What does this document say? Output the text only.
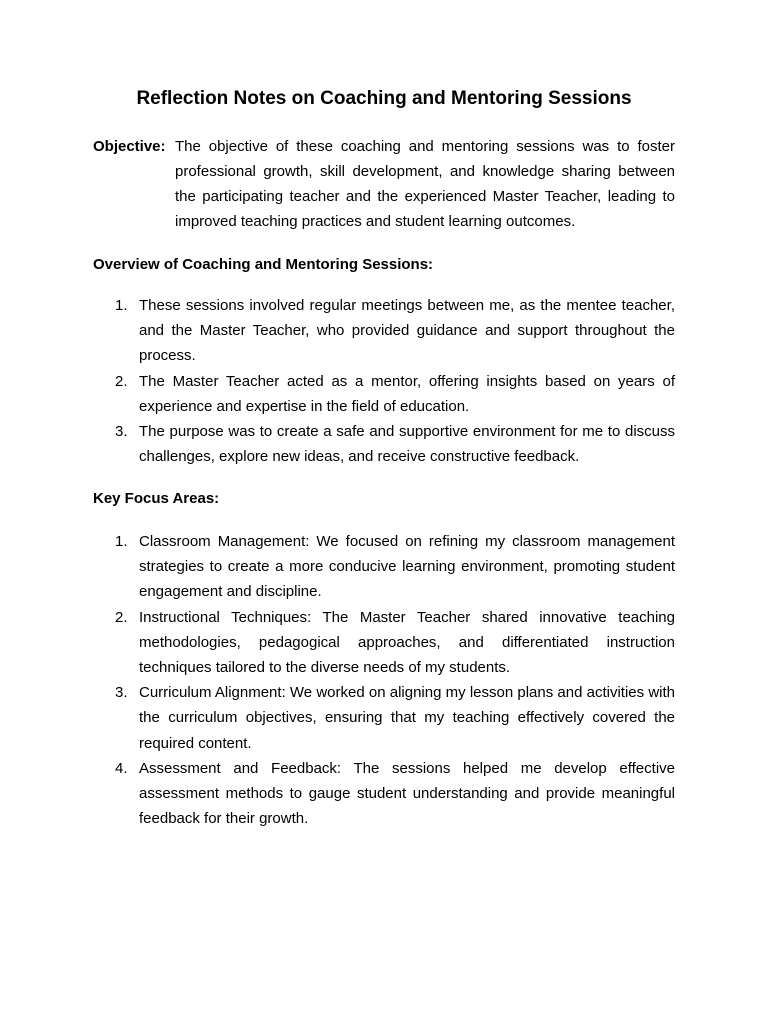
Reflection Notes on Coaching and Mentoring Sessions
Objective: The objective of these coaching and mentoring sessions was to foster professional growth, skill development, and knowledge sharing between the participating teacher and the experienced Master Teacher, leading to improved teaching practices and student learning outcomes.
Overview of Coaching and Mentoring Sessions:
1. These sessions involved regular meetings between me, as the mentee teacher, and the Master Teacher, who provided guidance and support throughout the process.
2. The Master Teacher acted as a mentor, offering insights based on years of experience and expertise in the field of education.
3. The purpose was to create a safe and supportive environment for me to discuss challenges, explore new ideas, and receive constructive feedback.
Key Focus Areas:
1. Classroom Management: We focused on refining my classroom management strategies to create a more conducive learning environment, promoting student engagement and discipline.
2. Instructional Techniques: The Master Teacher shared innovative teaching methodologies, pedagogical approaches, and differentiated instruction techniques tailored to the diverse needs of my students.
3. Curriculum Alignment: We worked on aligning my lesson plans and activities with the curriculum objectives, ensuring that my teaching effectively covered the required content.
4. Assessment and Feedback: The sessions helped me develop effective assessment methods to gauge student understanding and provide meaningful feedback for their growth.
